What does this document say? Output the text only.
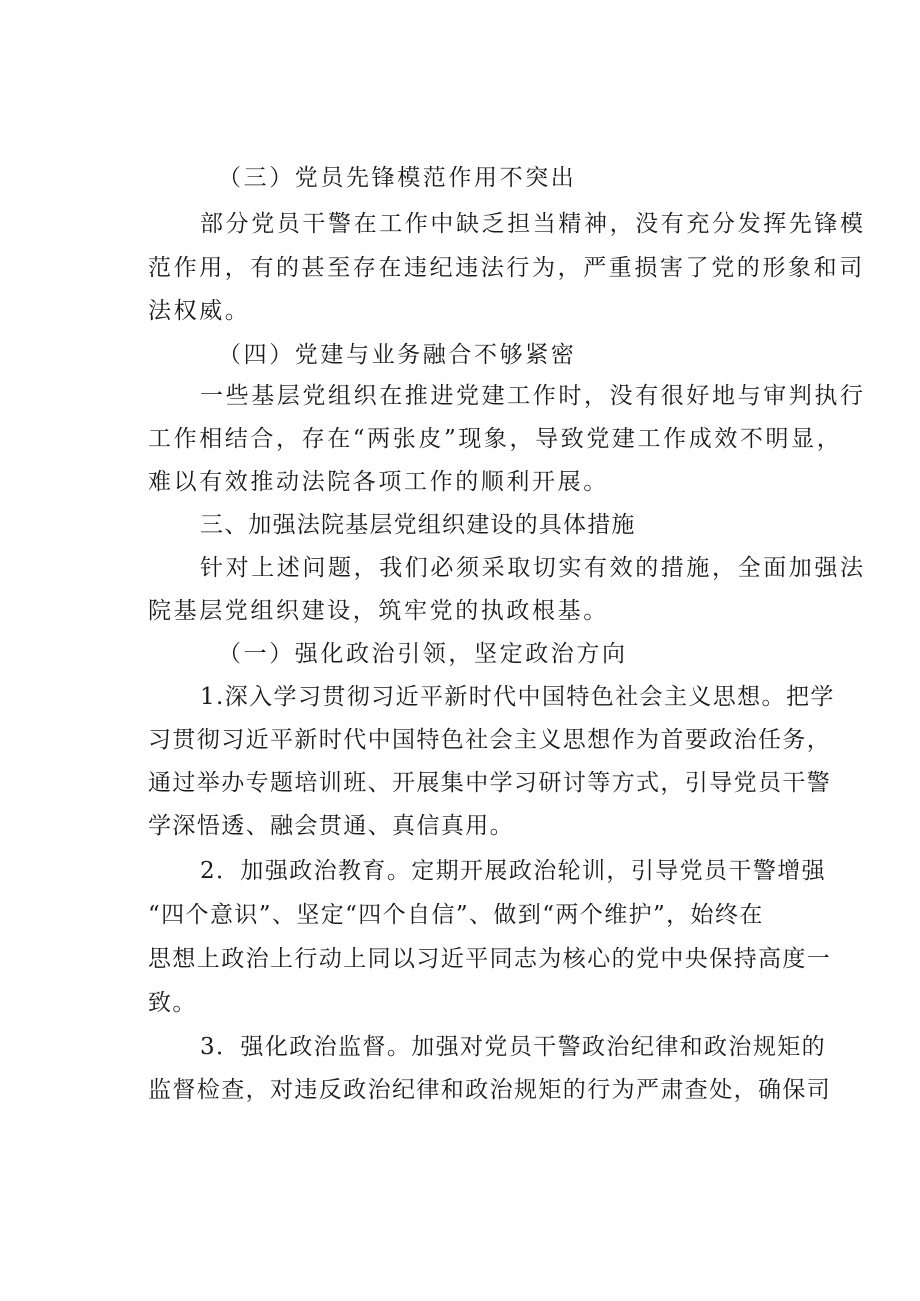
（三）党员先锋模范作用不突出

部分党员干警在工作中缺乏担当精神，没有充分发挥先锋模

范作用，有的甚至存在违纪违法行为，严重损害了党的形象和司

法权威。

（四）党建与业务融合不够紧密

一些基层党组织在推进党建工作时，没有很好地与审判执行

工作相结合，存在“两张皮”现象，导致党建工作成效不明显，

难以有效推动法院各项工作的顺利开展。

三、加强法院基层党组织建设的具体措施

针对上述问题，我们必须采取切实有效的措施，全面加强法

院基层党组织建设，筑牢党的执政根基。

（一）强化政治引领，坚定政治方向

1.深入学习贯彻习近平新时代中国特色社会主义思想。把学

习贯彻习近平新时代中国特色社会主义思想作为首要政治任务，

通过举办专题培训班、开展集中学习研讨等方式，引导党员干警

学深悟透、融会贯通、真信真用。

2．加强政治教育。定期开展政治轮训，引导党员干警增强

“四个意识”、坚定“四个自信”、做到“两个维护”，始终在

思想上政治上行动上同以习近平同志为核心的党中央保持高度一

致。

3．强化政治监督。加强对党员干警政治纪律和政治规矩的

监督检查，对违反政治纪律和政治规矩的行为严肃查处，确保司
